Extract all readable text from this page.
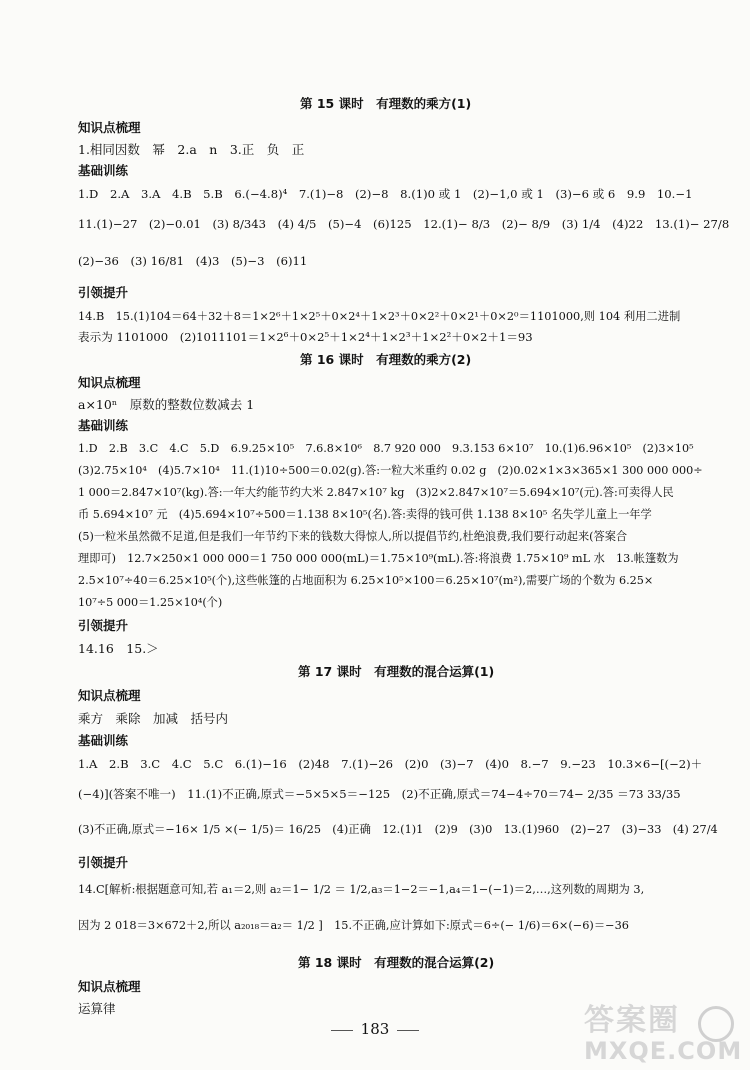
第 15 课时　有理数的乘方(1)
知识点梳理
1.相同因数　幂　2.a　n　3.正　负　正
基础训练
1.D　2.A　3.A　4.B　5.B　6.(−4.8)⁴　7.(1)−8　(2)−8　8.(1)0 或 1　(2)−1,0 或 1　(3)−6 或 6　9.9　10.−1
11.(1)−27　(2)−0.01　(3) 8/343　(4) 4/5　(5)−4　(6)125　12.(1)− 8/3　(2)− 8/9　(3) 1/4　(4)22　13.(1)− 27/8
(2)−36　(3) 16/81　(4)3　(5)−3　(6)11
引领提升
14.B　15.(1)104＝64＋32＋8＝1×2⁶＋1×2⁵＋0×2⁴＋1×2³＋0×2²＋0×2¹＋0×2⁰＝1101000,则 104 利用二进制
表示为 1101000　(2)1011101＝1×2⁶＋0×2⁵＋1×2⁴＋1×2³＋1×2²＋0×2＋1＝93
第 16 课时　有理数的乘方(2)
知识点梳理
a×10ⁿ　原数的整数位数减去 1
基础训练
1.D　2.B　3.C　4.C　5.D　6.9.25×10⁵　7.6.8×10⁶　8.7 920 000　9.3.153 6×10⁷　10.(1)6.96×10⁵　(2)3×10⁵
(3)2.75×10⁴　(4)5.7×10⁴　11.(1)10÷500＝0.02(g).答:一粒大米重约 0.02 g　(2)0.02×1×3×365×1 300 000 000÷
1 000＝2.847×10⁷(kg).答:一年大约能节约大米 2.847×10⁷ kg　(3)2×2.847×10⁷＝5.694×10⁷(元).答:可卖得人民
币 5.694×10⁷ 元　(4)5.694×10⁷÷500＝1.138 8×10⁵(名).答:卖得的钱可供 1.138 8×10⁵ 名失学儿童上一年学
(5)一粒米虽然微不足道,但是我们一年节约下来的钱数大得惊人,所以提倡节约,杜绝浪费,我们要行动起来(答案合
理即可)　12.7×250×1 000 000＝1 750 000 000(mL)＝1.75×10⁹(mL).答:将浪费 1.75×10⁹ mL 水　13.帐篷数为
2.5×10⁷÷40＝6.25×10⁵(个),这些帐篷的占地面积为 6.25×10⁵×100＝6.25×10⁷(m²),需要广场的个数为 6.25×
10⁷÷5 000＝1.25×10⁴(个)
引领提升
14.16　15.＞
第 17 课时　有理数的混合运算(1)
知识点梳理
乘方　乘除　加减　括号内
基础训练
1.A　2.B　3.C　4.C　5.C　6.(1)−16　(2)48　7.(1)−26　(2)0　(3)−7　(4)0　8.−7　9.−23　10.3×6−[(−2)＋
(−4)](答案不唯一)　11.(1)不正确,原式＝−5×5×5＝−125　(2)不正确,原式＝74−4÷70＝74− 2/35 ＝73 33/35
(3)不正确,原式＝−16× 1/5 ×(− 1/5)＝ 16/25　(4)正确　12.(1)1　(2)9　(3)0　13.(1)960　(2)−27　(3)−33　(4) 27/4
引领提升
14.C[解析:根据题意可知,若 a₁＝2,则 a₂＝1− 1/2 ＝ 1/2,a₃＝1−2＝−1,a₄＝1−(−1)＝2,…,这列数的周期为 3,
因为 2 018＝3×672＋2,所以 a₂₀₁₈＝a₂＝ 1/2 ]　15.不正确,应计算如下:原式＝6÷(− 1/6)＝6×(−6)＝−36
第 18 课时　有理数的混合运算(2)
知识点梳理
运算律
183	答案圈
MXQE.COM
